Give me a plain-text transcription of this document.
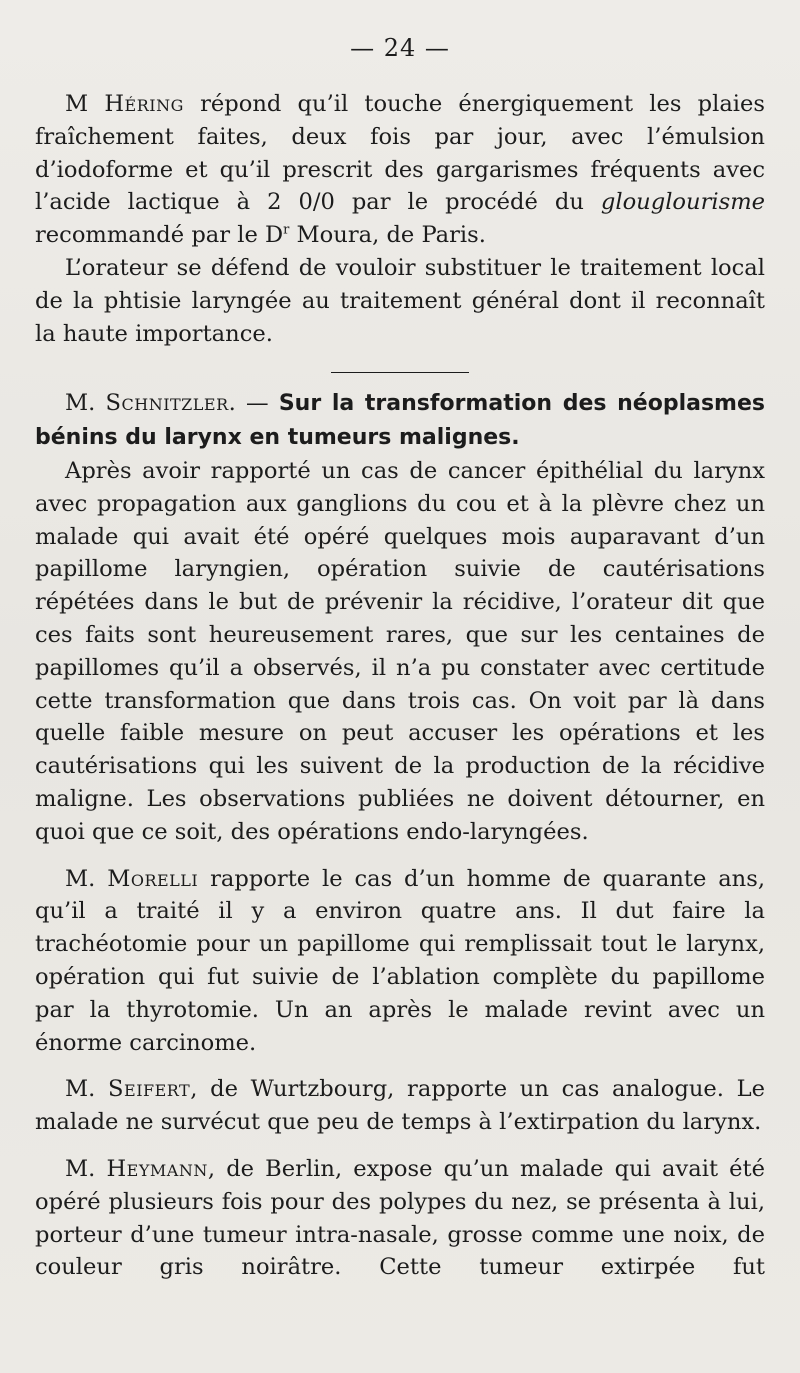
— 24 —

M Héring répond qu’il touche énergiquement les plaies fraîchement faites, deux fois par jour, avec l’émulsion d’iodoforme et qu’il prescrit des gargarismes fréquents avec l’acide lactique à 2 0/0 par le procédé du glouglourisme recommandé par le $D^r$ Moura, de Paris.

L’orateur se défend de vouloir substituer le traitement local de la phtisie laryngée au traitement général dont il reconnaît la haute importance.

M. Schnitzler. — Sur la transformation des néoplasmes bénins du larynx en tumeurs malignes.

Après avoir rapporté un cas de cancer épithélial du larynx avec propagation aux ganglions du cou et à la plèvre chez un malade qui avait été opéré quelques mois auparavant d’un papillome laryngien, opération suivie de cautérisations répétées dans le but de prévenir la récidive, l’orateur dit que ces faits sont heureusement rares, que sur les centaines de papillomes qu’il a observés, il n’a pu constater avec certitude cette transformation que dans trois cas. On voit par là dans quelle faible mesure on peut accuser les opérations et les cautérisations qui les suivent de la production de la récidive maligne. Les observations publiées ne doivent détourner, en quoi que ce soit, des opérations endo-laryngées.

M. Morelli rapporte le cas d’un homme de quarante ans, qu’il a traité il y a environ quatre ans. Il dut faire la trachéotomie pour un papillome qui remplissait tout le larynx, opération qui fut suivie de l’ablation complète du papillome par la thyrotomie. Un an après le malade revint avec un énorme carcinome.

M. Seifert, de Wurtzbourg, rapporte un cas analogue. Le malade ne survécut que peu de temps à l’extirpation du larynx.

M. Heymann, de Berlin, expose qu’un malade qui avait été opéré plusieurs fois pour des polypes du nez, se présenta à lui, porteur d’une tumeur intra-nasale, grosse comme une noix, de couleur gris noirâtre. Cette tumeur extirpée fut
